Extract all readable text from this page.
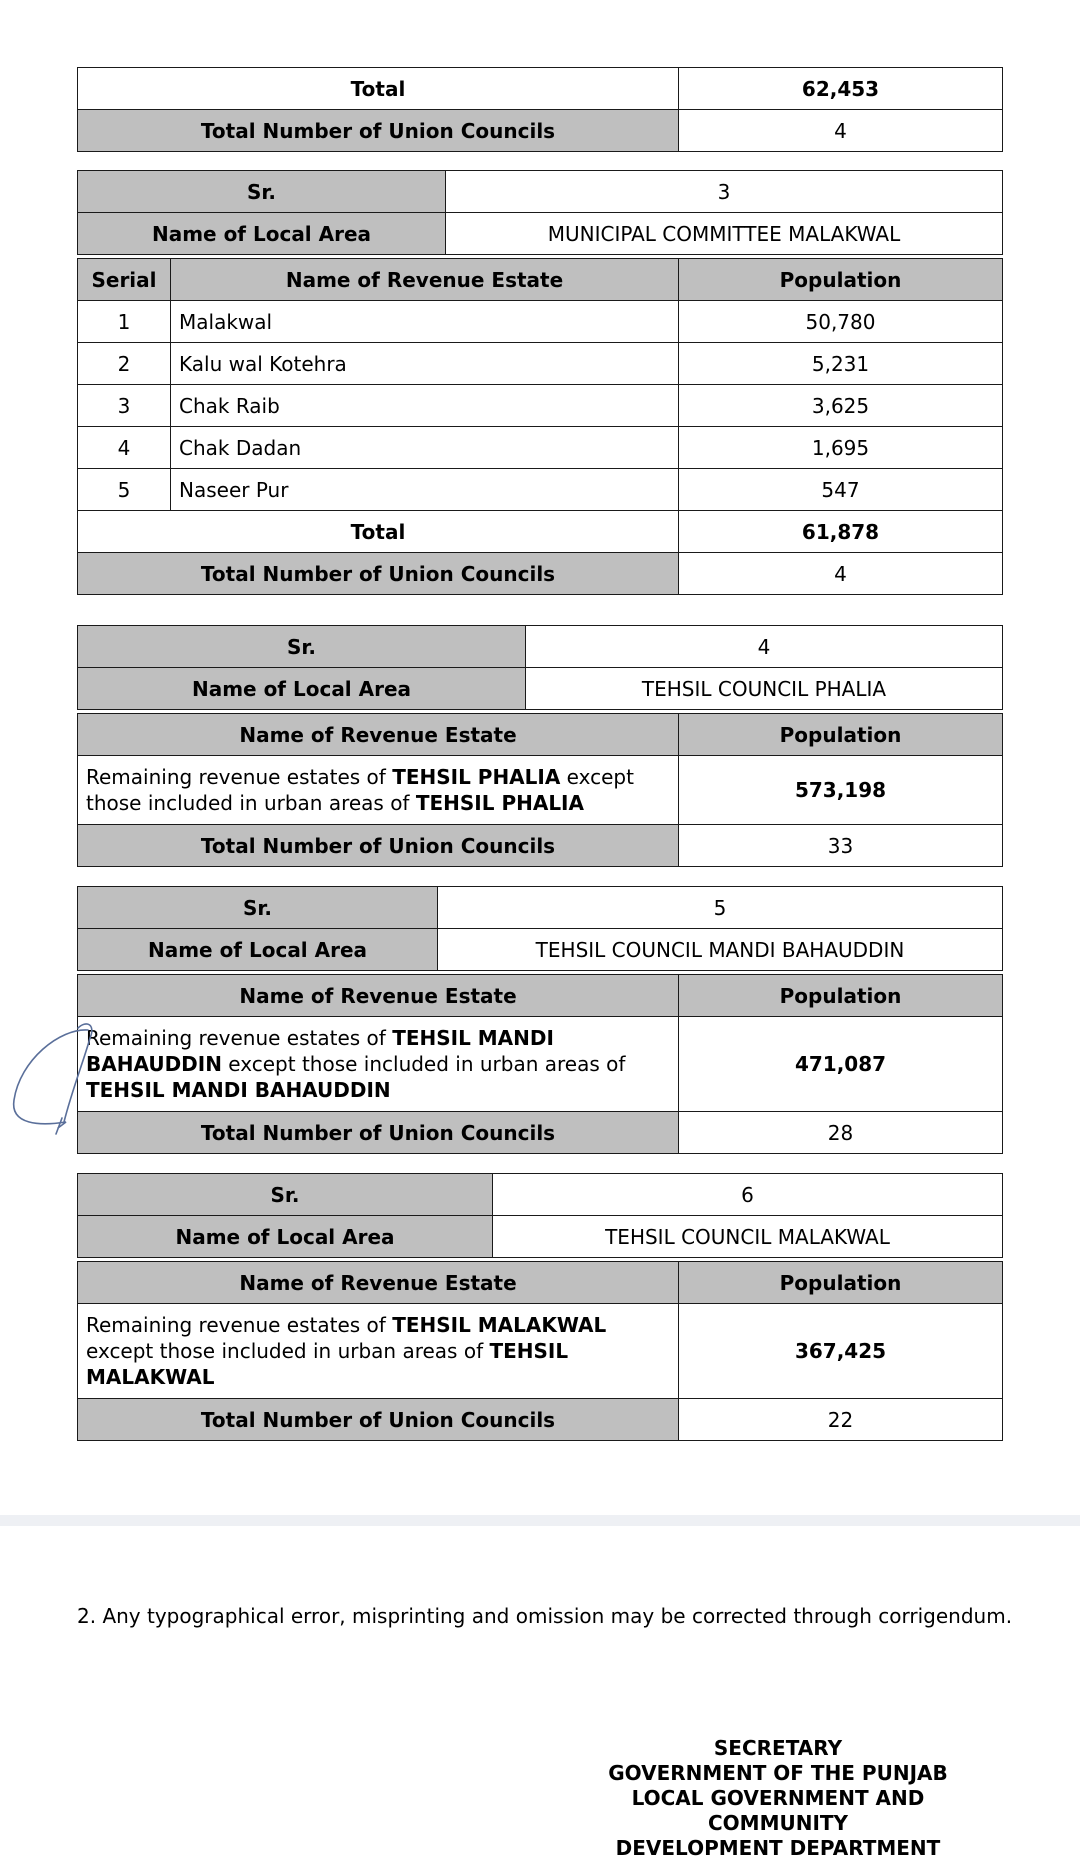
Total	62,453
Total Number of Union Councils	4
Sr.	3
Name of Local Area	MUNICIPAL COMMITTEE MALAKWAL
Serial	Name of Revenue Estate	Population
1	Malakwal	50,780
2	Kalu wal Kotehra	5,231
3	Chak Raib	3,625
4	Chak Dadan	1,695
5	Naseer Pur	547
Total		61,878
Total Number of Union Councils		4
Sr.	4
Name of Local Area	TEHSIL COUNCIL PHALIA
Name of Revenue Estate	Population
Remaining revenue estates of TEHSIL PHALIA except those included in urban areas of TEHSIL PHALIA	573,198
Total Number of Union Councils	33
Sr.	5
Name of Local Area	TEHSIL COUNCIL MANDI BAHAUDDIN
Name of Revenue Estate	Population
Remaining revenue estates of TEHSIL MANDI BAHAUDDIN except those included in urban areas of TEHSIL MANDI BAHAUDDIN	471,087
Total Number of Union Councils	28
Sr.	6
Name of Local Area	TEHSIL COUNCIL MALAKWAL
Name of Revenue Estate	Population
Remaining revenue estates of TEHSIL MALAKWAL except those included in urban areas of TEHSIL MALAKWAL	367,425
Total Number of Union Councils	22
2. Any typographical error, misprinting and omission may be corrected through corrigendum.
SECRETARY
GOVERNMENT OF THE PUNJAB
LOCAL GOVERNMENT AND COMMUNITY
DEVELOPMENT DEPARTMENT
